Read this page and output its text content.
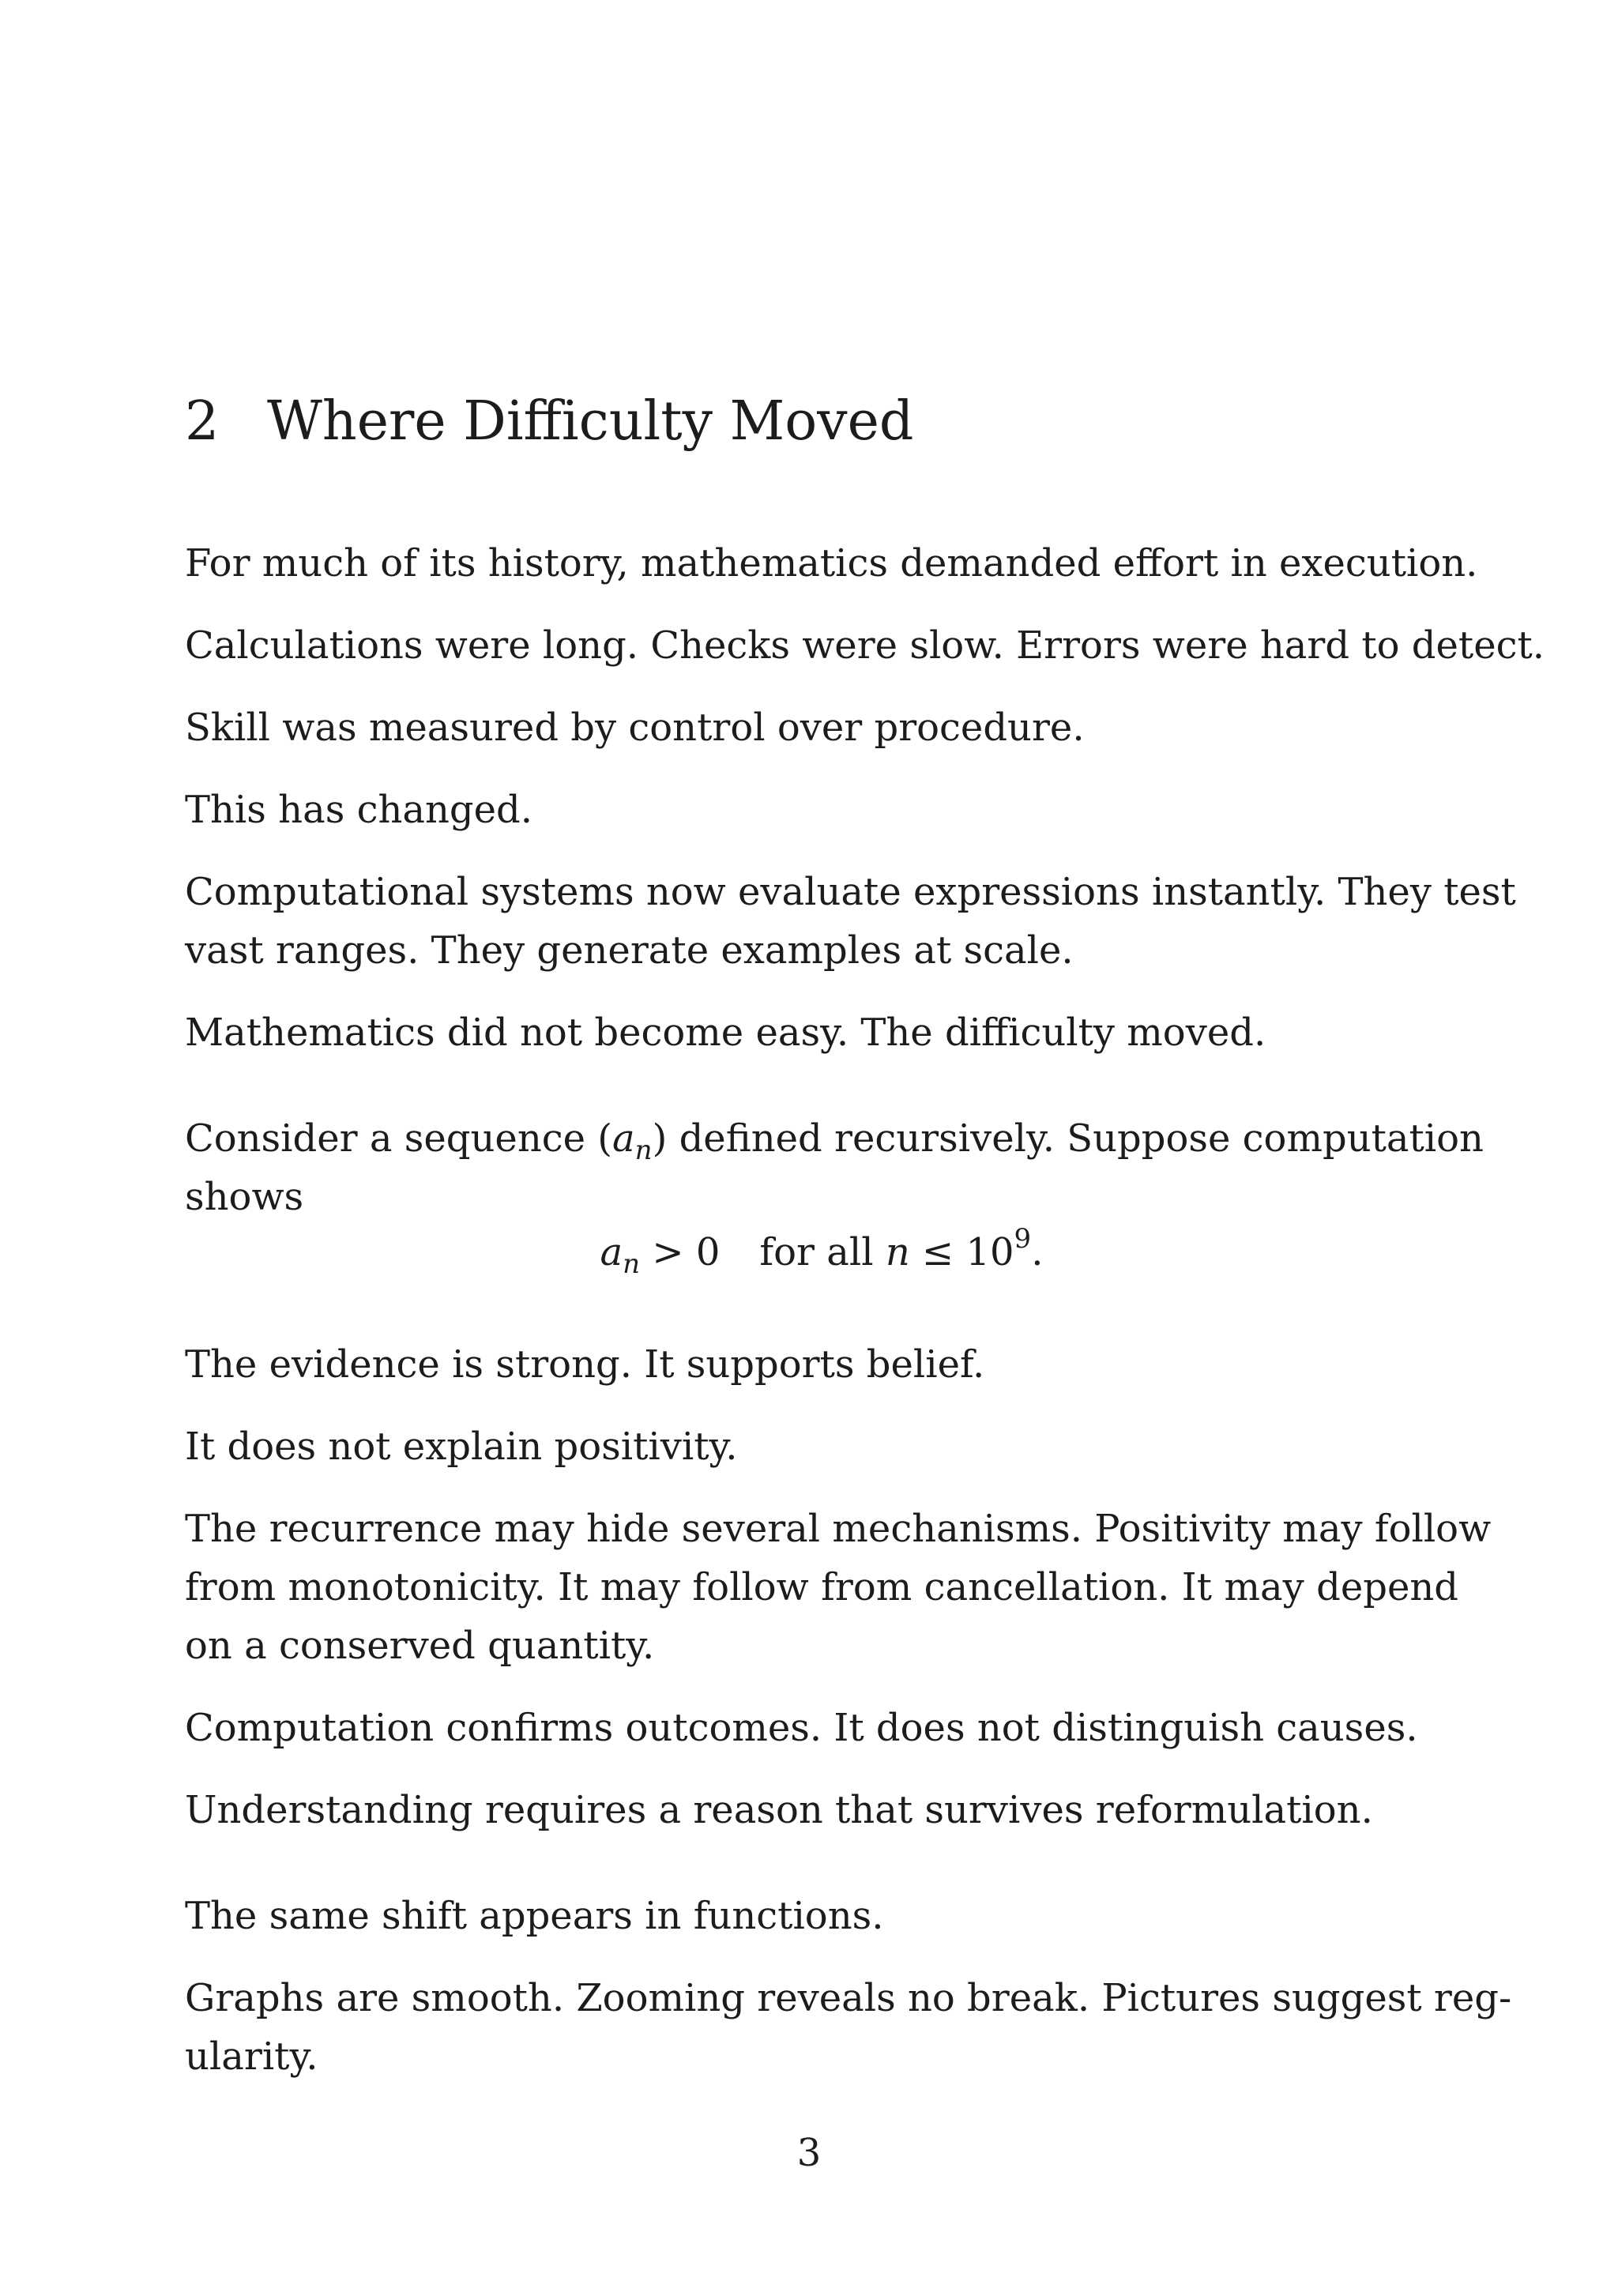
2 Where Difficulty Moved

For much of its history, mathematics demanded effort in execution.

Calculations were long. Checks were slow. Errors were hard to detect.

Skill was measured by control over procedure.

This has changed.

Computational systems now evaluate expressions instantly. They test
vast ranges. They generate examples at scale.

Mathematics did not become easy. The difficulty moved.

Consider a sequence $(a_n)$ defined recursively. Suppose computation
shows

$a_n > 0$ for all $n \le 10^9$.

The evidence is strong. It supports belief.

It does not explain positivity.

The recurrence may hide several mechanisms. Positivity may follow
from monotonicity. It may follow from cancellation. It may depend
on a conserved quantity.

Computation confirms outcomes. It does not distinguish causes.

Understanding requires a reason that survives reformulation.

The same shift appears in functions.

Graphs are smooth. Zooming reveals no break. Pictures suggest reg-
ularity.

3
